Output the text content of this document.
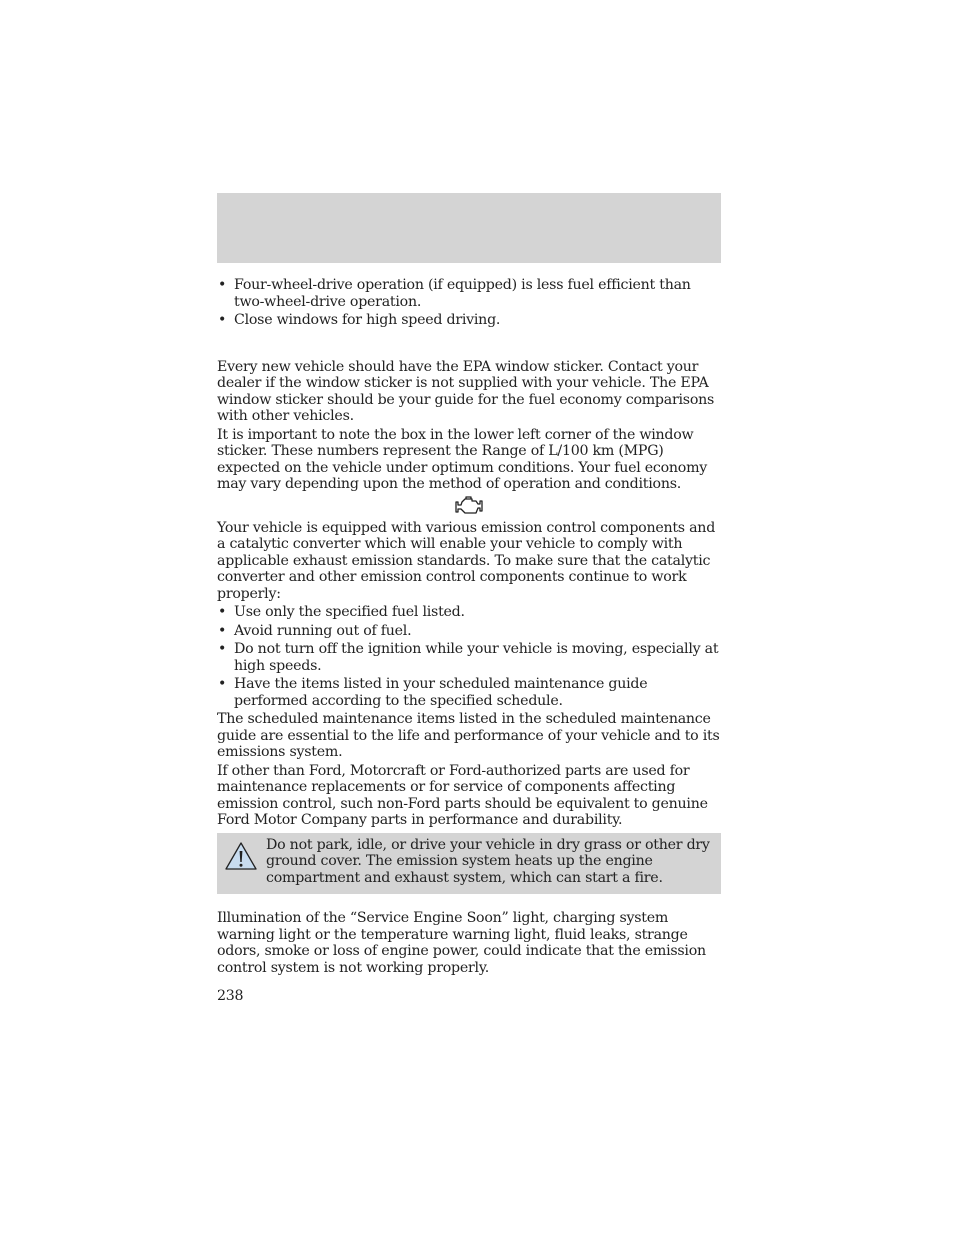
• Four-wheel-drive operation (if equipped) is less fuel efficient than two-wheel-drive operation.
• Close windows for high speed driving.

Every new vehicle should have the EPA window sticker. Contact your dealer if the window sticker is not supplied with your vehicle. The EPA window sticker should be your guide for the fuel economy comparisons with other vehicles.

It is important to note the box in the lower left corner of the window sticker. These numbers represent the Range of L/100 km (MPG) expected on the vehicle under optimum conditions. Your fuel economy may vary depending upon the method of operation and conditions.

Your vehicle is equipped with various emission control components and a catalytic converter which will enable your vehicle to comply with applicable exhaust emission standards. To make sure that the catalytic converter and other emission control components continue to work properly:

• Use only the specified fuel listed.
• Avoid running out of fuel.
• Do not turn off the ignition while your vehicle is moving, especially at high speeds.
• Have the items listed in your scheduled maintenance guide performed according to the specified schedule.

The scheduled maintenance items listed in the scheduled maintenance guide are essential to the life and performance of your vehicle and to its emissions system.

If other than Ford, Motorcraft or Ford-authorized parts are used for maintenance replacements or for service of components affecting emission control, such non-Ford parts should be equivalent to genuine Ford Motor Company parts in performance and durability.

Do not park, idle, or drive your vehicle in dry grass or other dry ground cover. The emission system heats up the engine compartment and exhaust system, which can start a fire.

Illumination of the “Service Engine Soon” light, charging system warning light or the temperature warning light, fluid leaks, strange odors, smoke or loss of engine power, could indicate that the emission control system is not working properly.

238
